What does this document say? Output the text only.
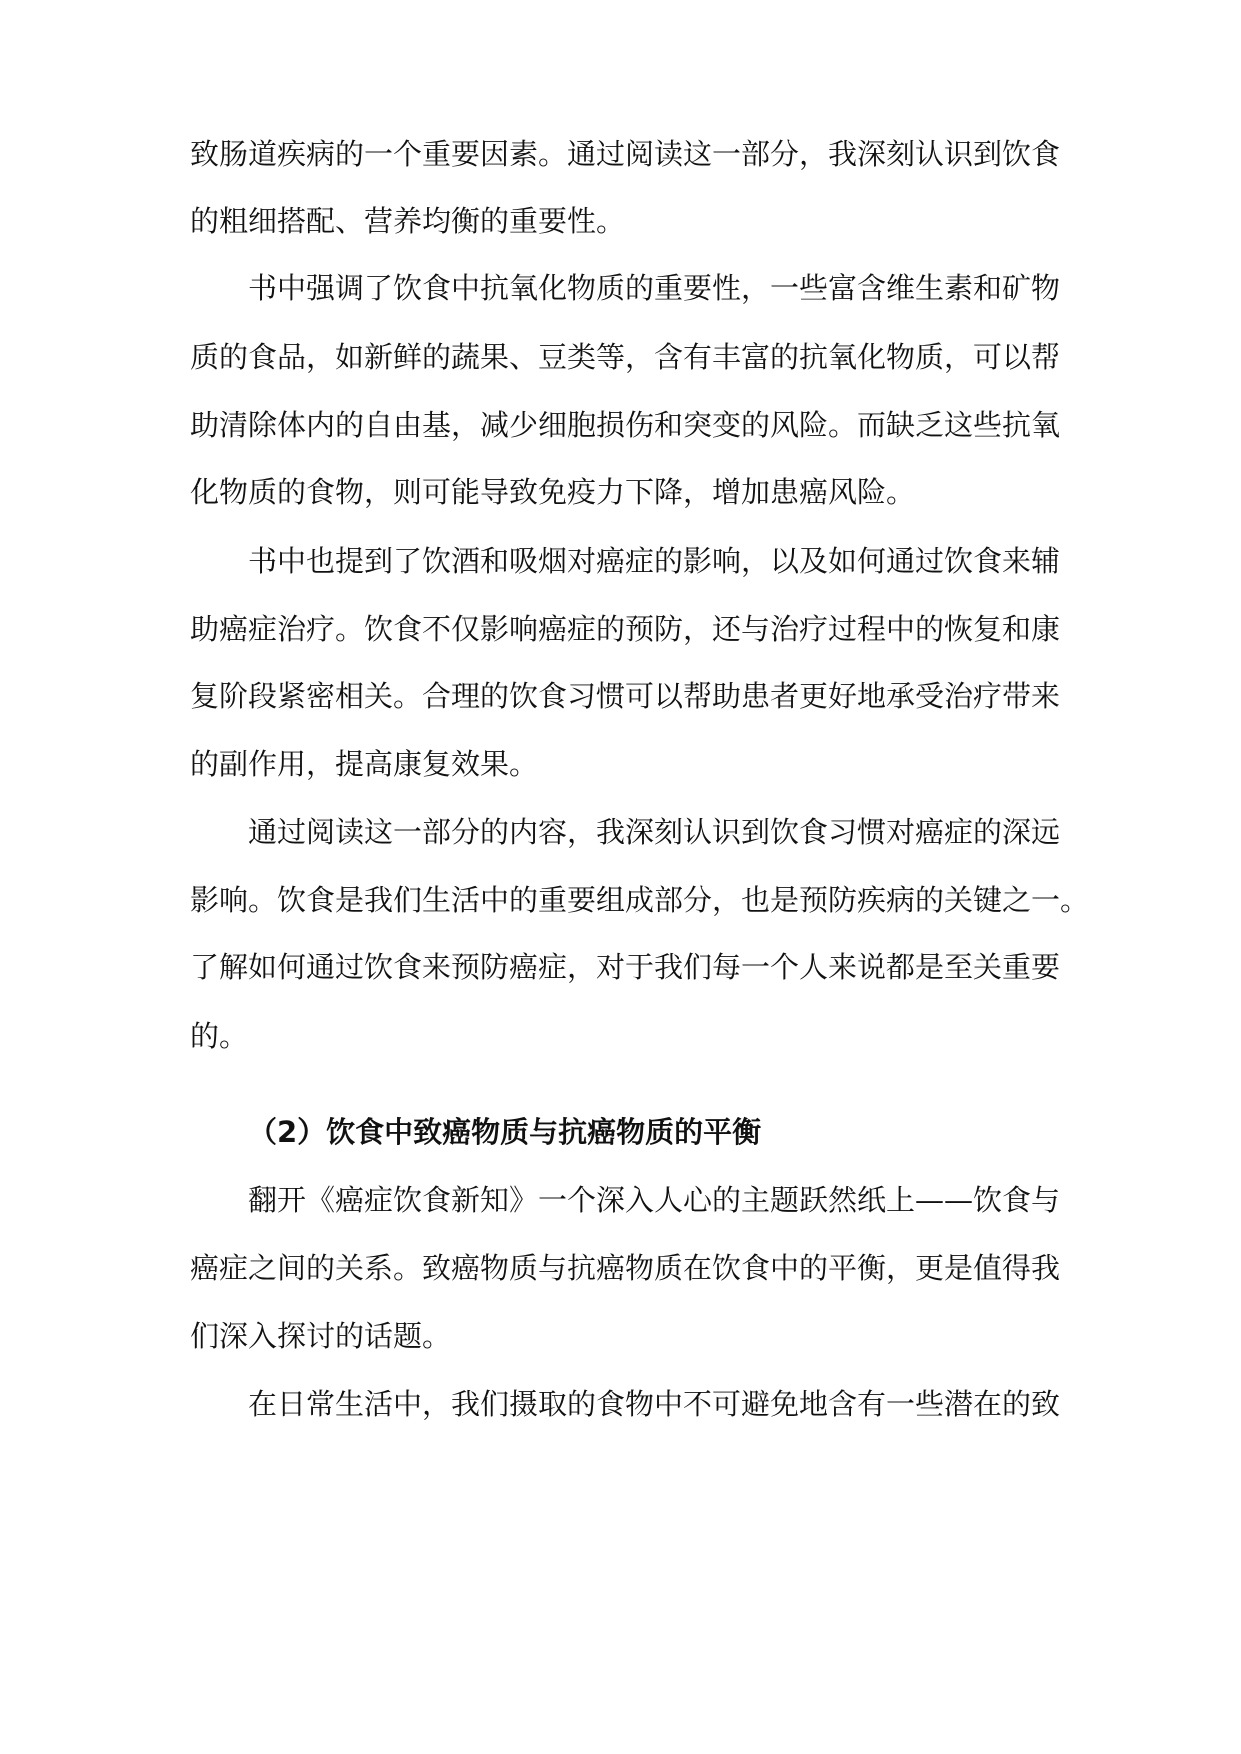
致肠道疾病的一个重要因素。通过阅读这一部分，我深刻认识到饮食
的粗细搭配、营养均衡的重要性。
书中强调了饮食中抗氧化物质的重要性，一些富含维生素和矿物
质的食品，如新鲜的蔬果、豆类等，含有丰富的抗氧化物质，可以帮
助清除体内的自由基，减少细胞损伤和突变的风险。而缺乏这些抗氧
化物质的食物，则可能导致免疫力下降，增加患癌风险。
书中也提到了饮酒和吸烟对癌症的影响，以及如何通过饮食来辅
助癌症治疗。饮食不仅影响癌症的预防，还与治疗过程中的恢复和康
复阶段紧密相关。合理的饮食习惯可以帮助患者更好地承受治疗带来
的副作用，提高康复效果。
通过阅读这一部分的内容，我深刻认识到饮食习惯对癌症的深远
影响。饮食是我们生活中的重要组成部分，也是预防疾病的关键之一。
了解如何通过饮食来预防癌症，对于我们每一个人来说都是至关重要
的。
（2）饮食中致癌物质与抗癌物质的平衡
翻开《癌症饮食新知》一个深入人心的主题跃然纸上——饮食与
癌症之间的关系。致癌物质与抗癌物质在饮食中的平衡，更是值得我
们深入探讨的话题。
在日常生活中，我们摄取的食物中不可避免地含有一些潜在的致
